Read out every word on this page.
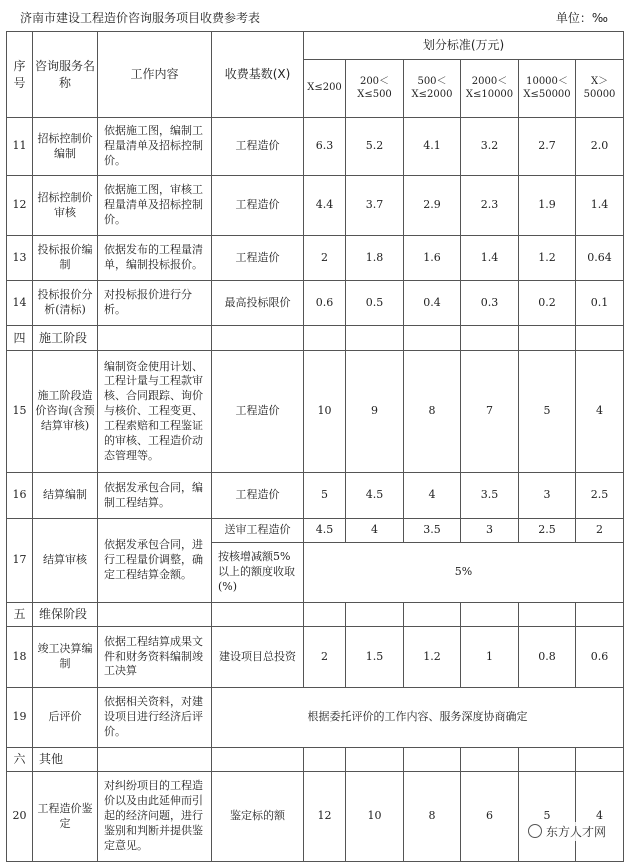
济南市建设工程造价咨询服务项目收费参考表	单位：‰
序号	咨询服务名称	工作内容	收费基数(X)	划分标准(万元)					
				X≤200	200＜X≤500	500＜X≤2000	2000＜X≤10000	10000＜X≤50000	X＞50000
11	招标控制价编制	依据施工图，编制工程量清单及招标控制价。	工程造价	6.3	5.2	4.1	3.2	2.7	2.0
12	招标控制价审核	依据施工图，审核工程量清单及招标控制价。	工程造价	4.4	3.7	2.9	2.3	1.9	1.4
13	投标报价编制	依据发布的工程量清单，编制投标报价。	工程造价	2	1.8	1.6	1.4	1.2	0.64
14	投标报价分析(清标)	对投标报价进行分析。	最高投标限价	0.6	0.5	0.4	0.3	0.2	0.1
四	施工阶段								
15	施工阶段造价咨询(含预结算审核)	编制资金使用计划、工程计量与工程款审核、合同跟踪、询价与核价、工程变更、工程索赔和工程鉴证的审核、工程造价动态管理等。	工程造价	10	9	8	7	5	4
16	结算编制	依据发承包合同，编制工程结算。	工程造价	5	4.5	4	3.5	3	2.5
17	结算审核	依据发承包合同，进行工程量价调整，确定工程结算金额。	送审工程造价	4.5	4	3.5	3	2.5	2
			按核增减额5%以上的额度收取(%)	5%					
五	维保阶段								
18	竣工决算编制	依据工程结算成果文件和财务资料编制竣工决算	建设项目总投资	2	1.5	1.2	1	0.8	0.6
19	后评价	依据相关资料，对建设项目进行经济后评价。	根据委托评价的工作内容、服务深度协商确定						
六	其他								
20	工程造价鉴定	对纠纷项目的工程造价以及由此延伸而引起的经济问题，进行鉴别和判断并提供鉴定意见。	鉴定标的额	12	10	8	6	5	4
东方人才网
